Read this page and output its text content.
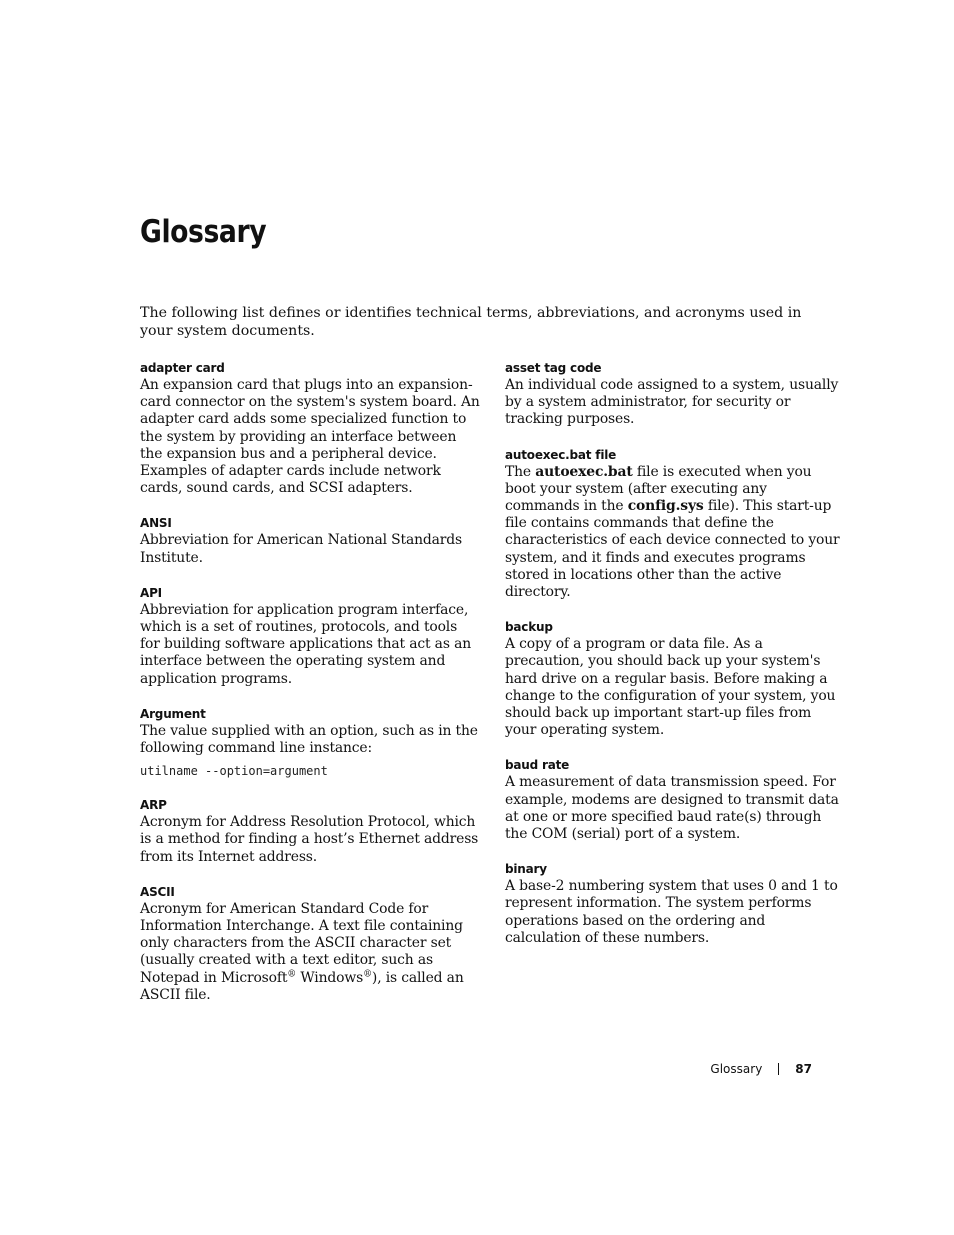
Glossary

The following list defines or identifies technical terms, abbreviations, and acronyms used in your system documents.

adapter card

An expansion card that plugs into an expansion-card connector on the system's system board. An adapter card adds some specialized function to the system by providing an interface between the expansion bus and a peripheral device. Examples of adapter cards include network cards, sound cards, and SCSI adapters.

ANSI

Abbreviation for American National Standards Institute.

API

Abbreviation for application program interface, which is a set of routines, protocols, and tools for building software applications that act as an interface between the operating system and application programs.

Argument

The value supplied with an option, such as in the following command line instance:

utilname --option=argument

ARP

Acronym for Address Resolution Protocol, which is a method for finding a host’s Ethernet address from its Internet address.

ASCII

Acronym for American Standard Code for Information Interchange. A text file containing only characters from the ASCII character set (usually created with a text editor, such as Notepad in Microsoft® Windows®), is called an ASCII file.

asset tag code

An individual code assigned to a system, usually by a system administrator, for security or tracking purposes.

autoexec.bat file

The autoexec.bat file is executed when you boot your system (after executing any commands in the config.sys file). This start-up file contains commands that define the characteristics of each device connected to your system, and it finds and executes programs stored in locations other than the active directory.

backup

A copy of a program or data file. As a precaution, you should back up your system's hard drive on a regular basis. Before making a change to the configuration of your system, you should back up important start-up files from your operating system.

baud rate

A measurement of data transmission speed. For example, modems are designed to transmit data at one or more specified baud rate(s) through the COM (serial) port of a system.

binary

A base-2 numbering system that uses 0 and 1 to represent information. The system performs operations based on the ordering and calculation of these numbers.

Glossary	87
